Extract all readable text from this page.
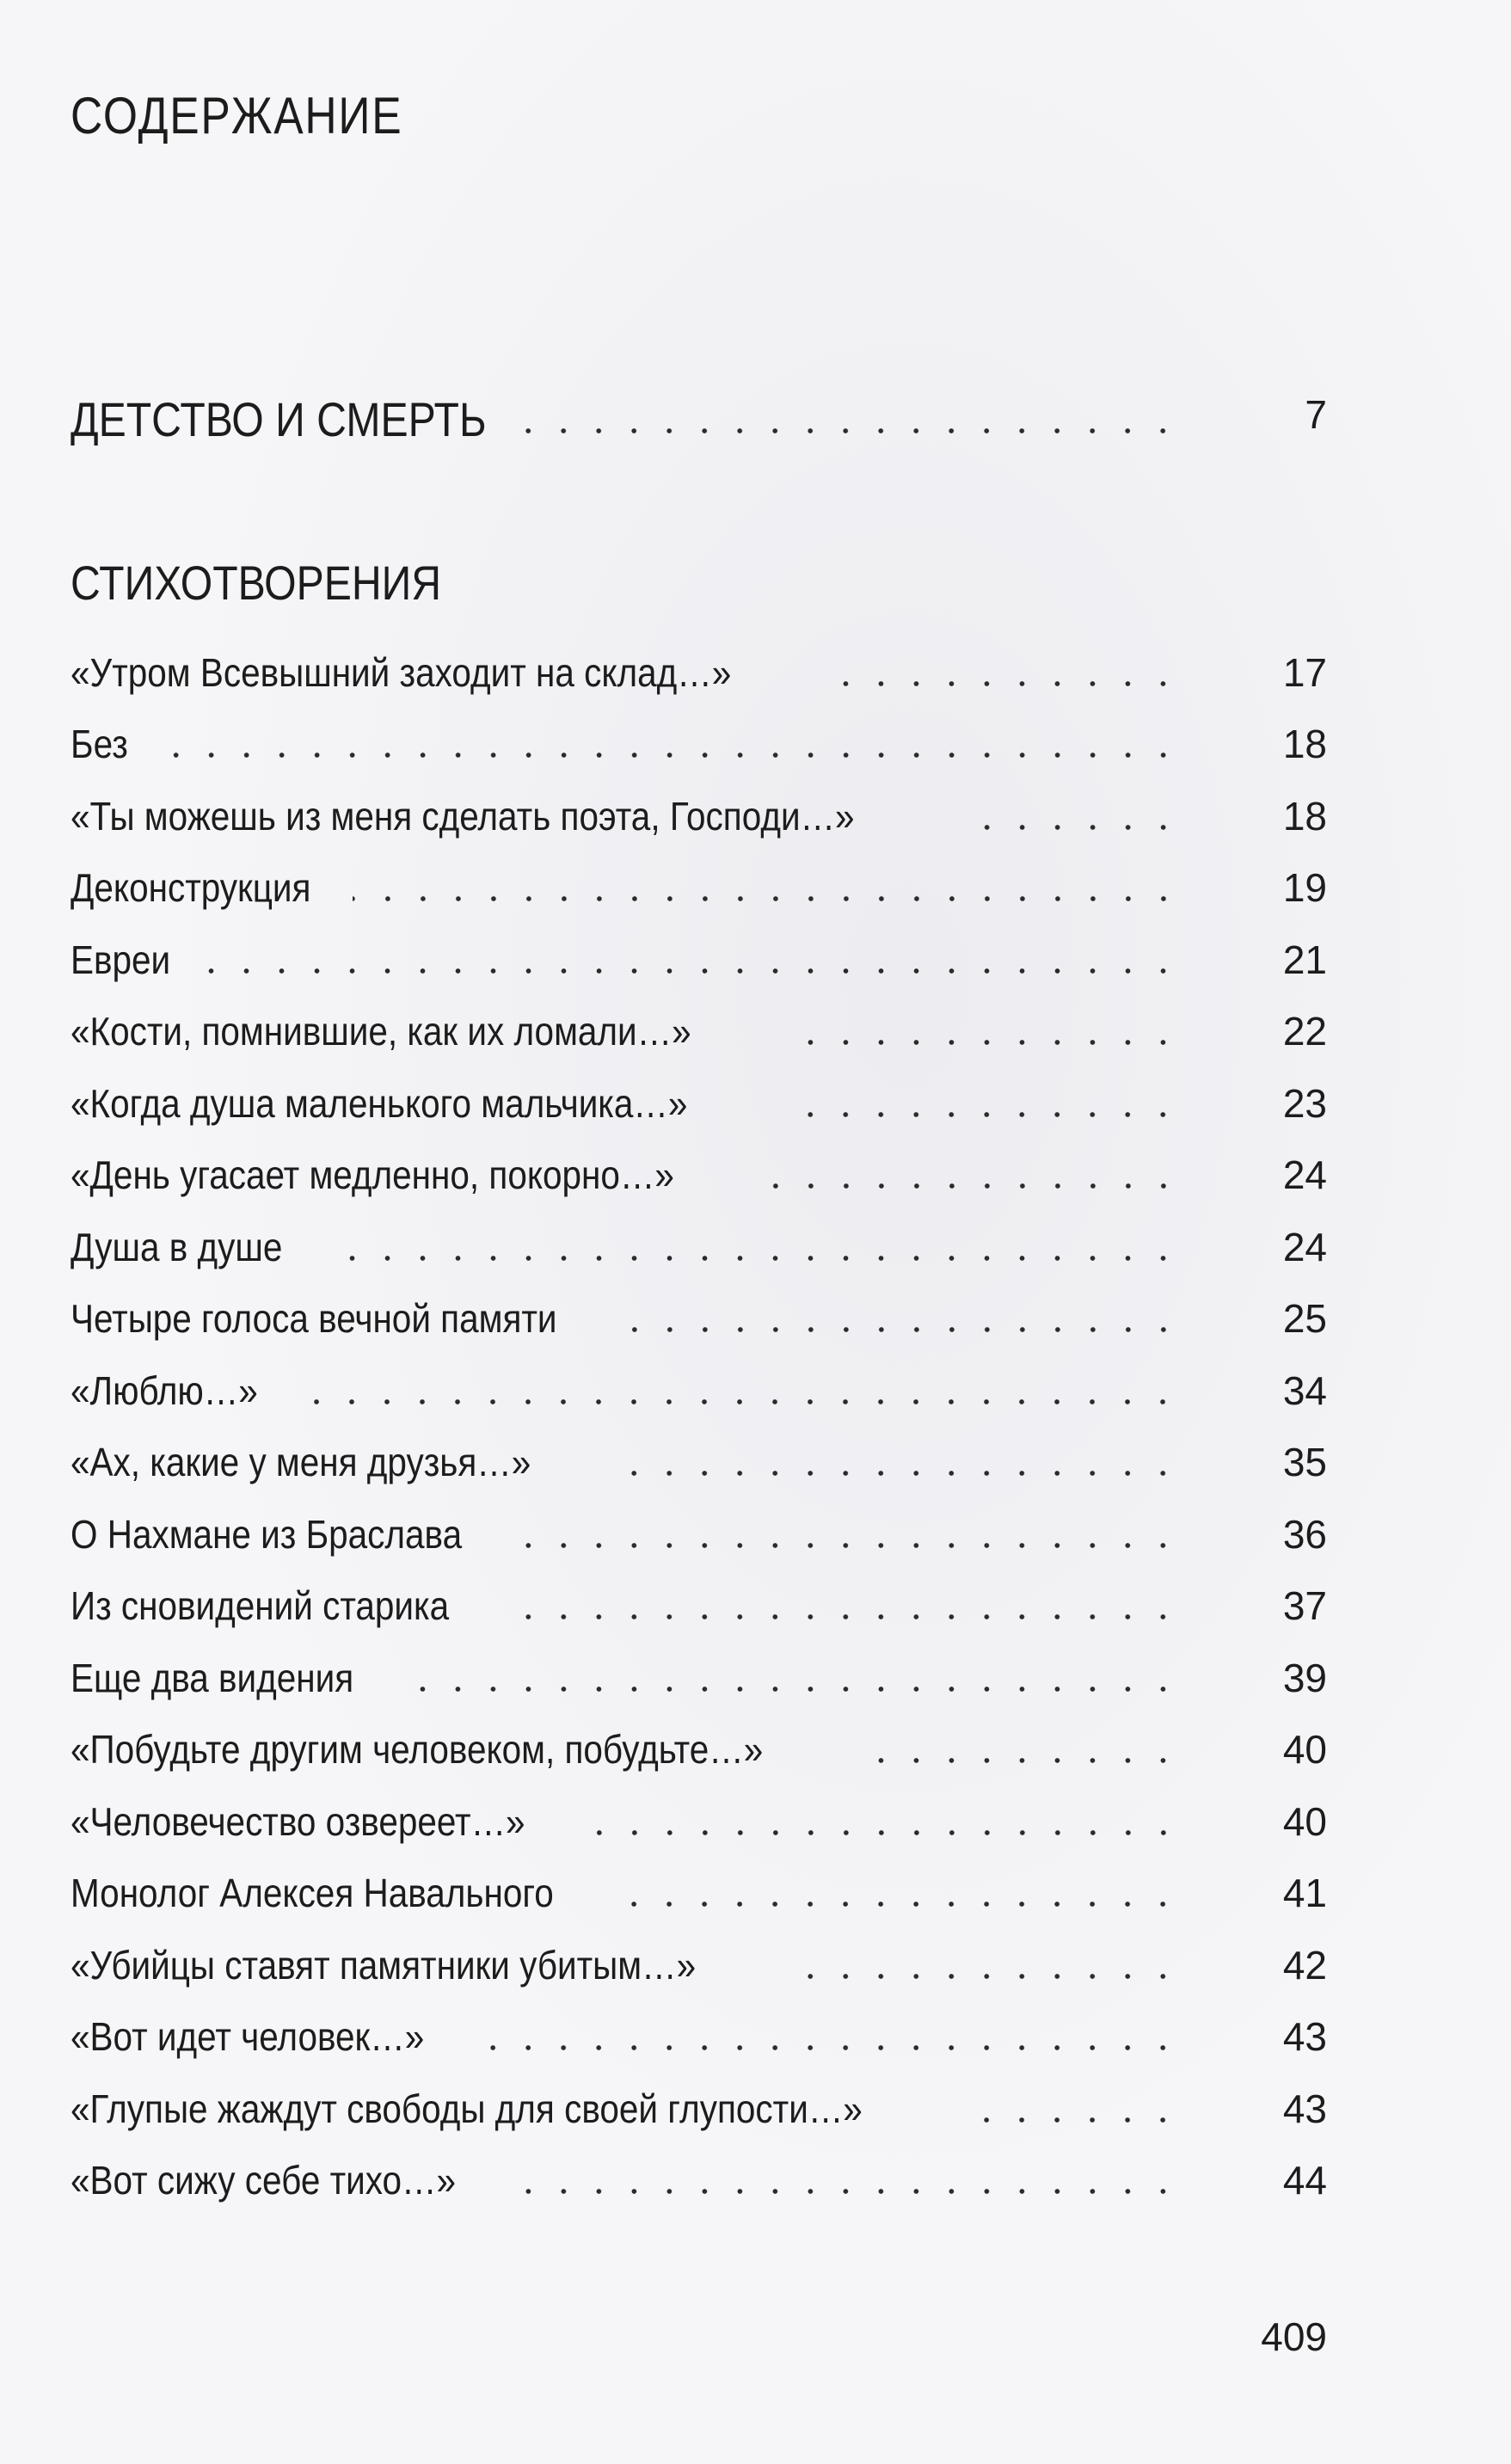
СОДЕРЖАНИЕ
ДЕТСТВО И СМЕРТЬ	7
СТИХОТВОРЕНИЯ
«Утром Всевышний заходит на склад…»	17
Без	18
«Ты можешь из меня сделать поэта, Господи…»	18
Деконструкция	19
Евреи	21
«Кости, помнившие, как их ломали…»	22
«Когда душа маленького мальчика…»	23
«День угасает медленно, покорно…»	24
Душа в душе	24
Четыре голоса вечной памяти	25
«Люблю…»	34
«Ах, какие у меня друзья…»	35
О Нахмане из Браслава	36
Из сновидений старика	37
Еще два видения	39
«Побудьте другим человеком, побудьте…»	40
«Человечество озвереет…»	40
Монолог Алексея Навального	41
«Убийцы ставят памятники убитым…»	42
«Вот идет человек…»	43
«Глупые жаждут свободы для своей глупости…»	43
«Вот сижу себе тихо…»	44
409
